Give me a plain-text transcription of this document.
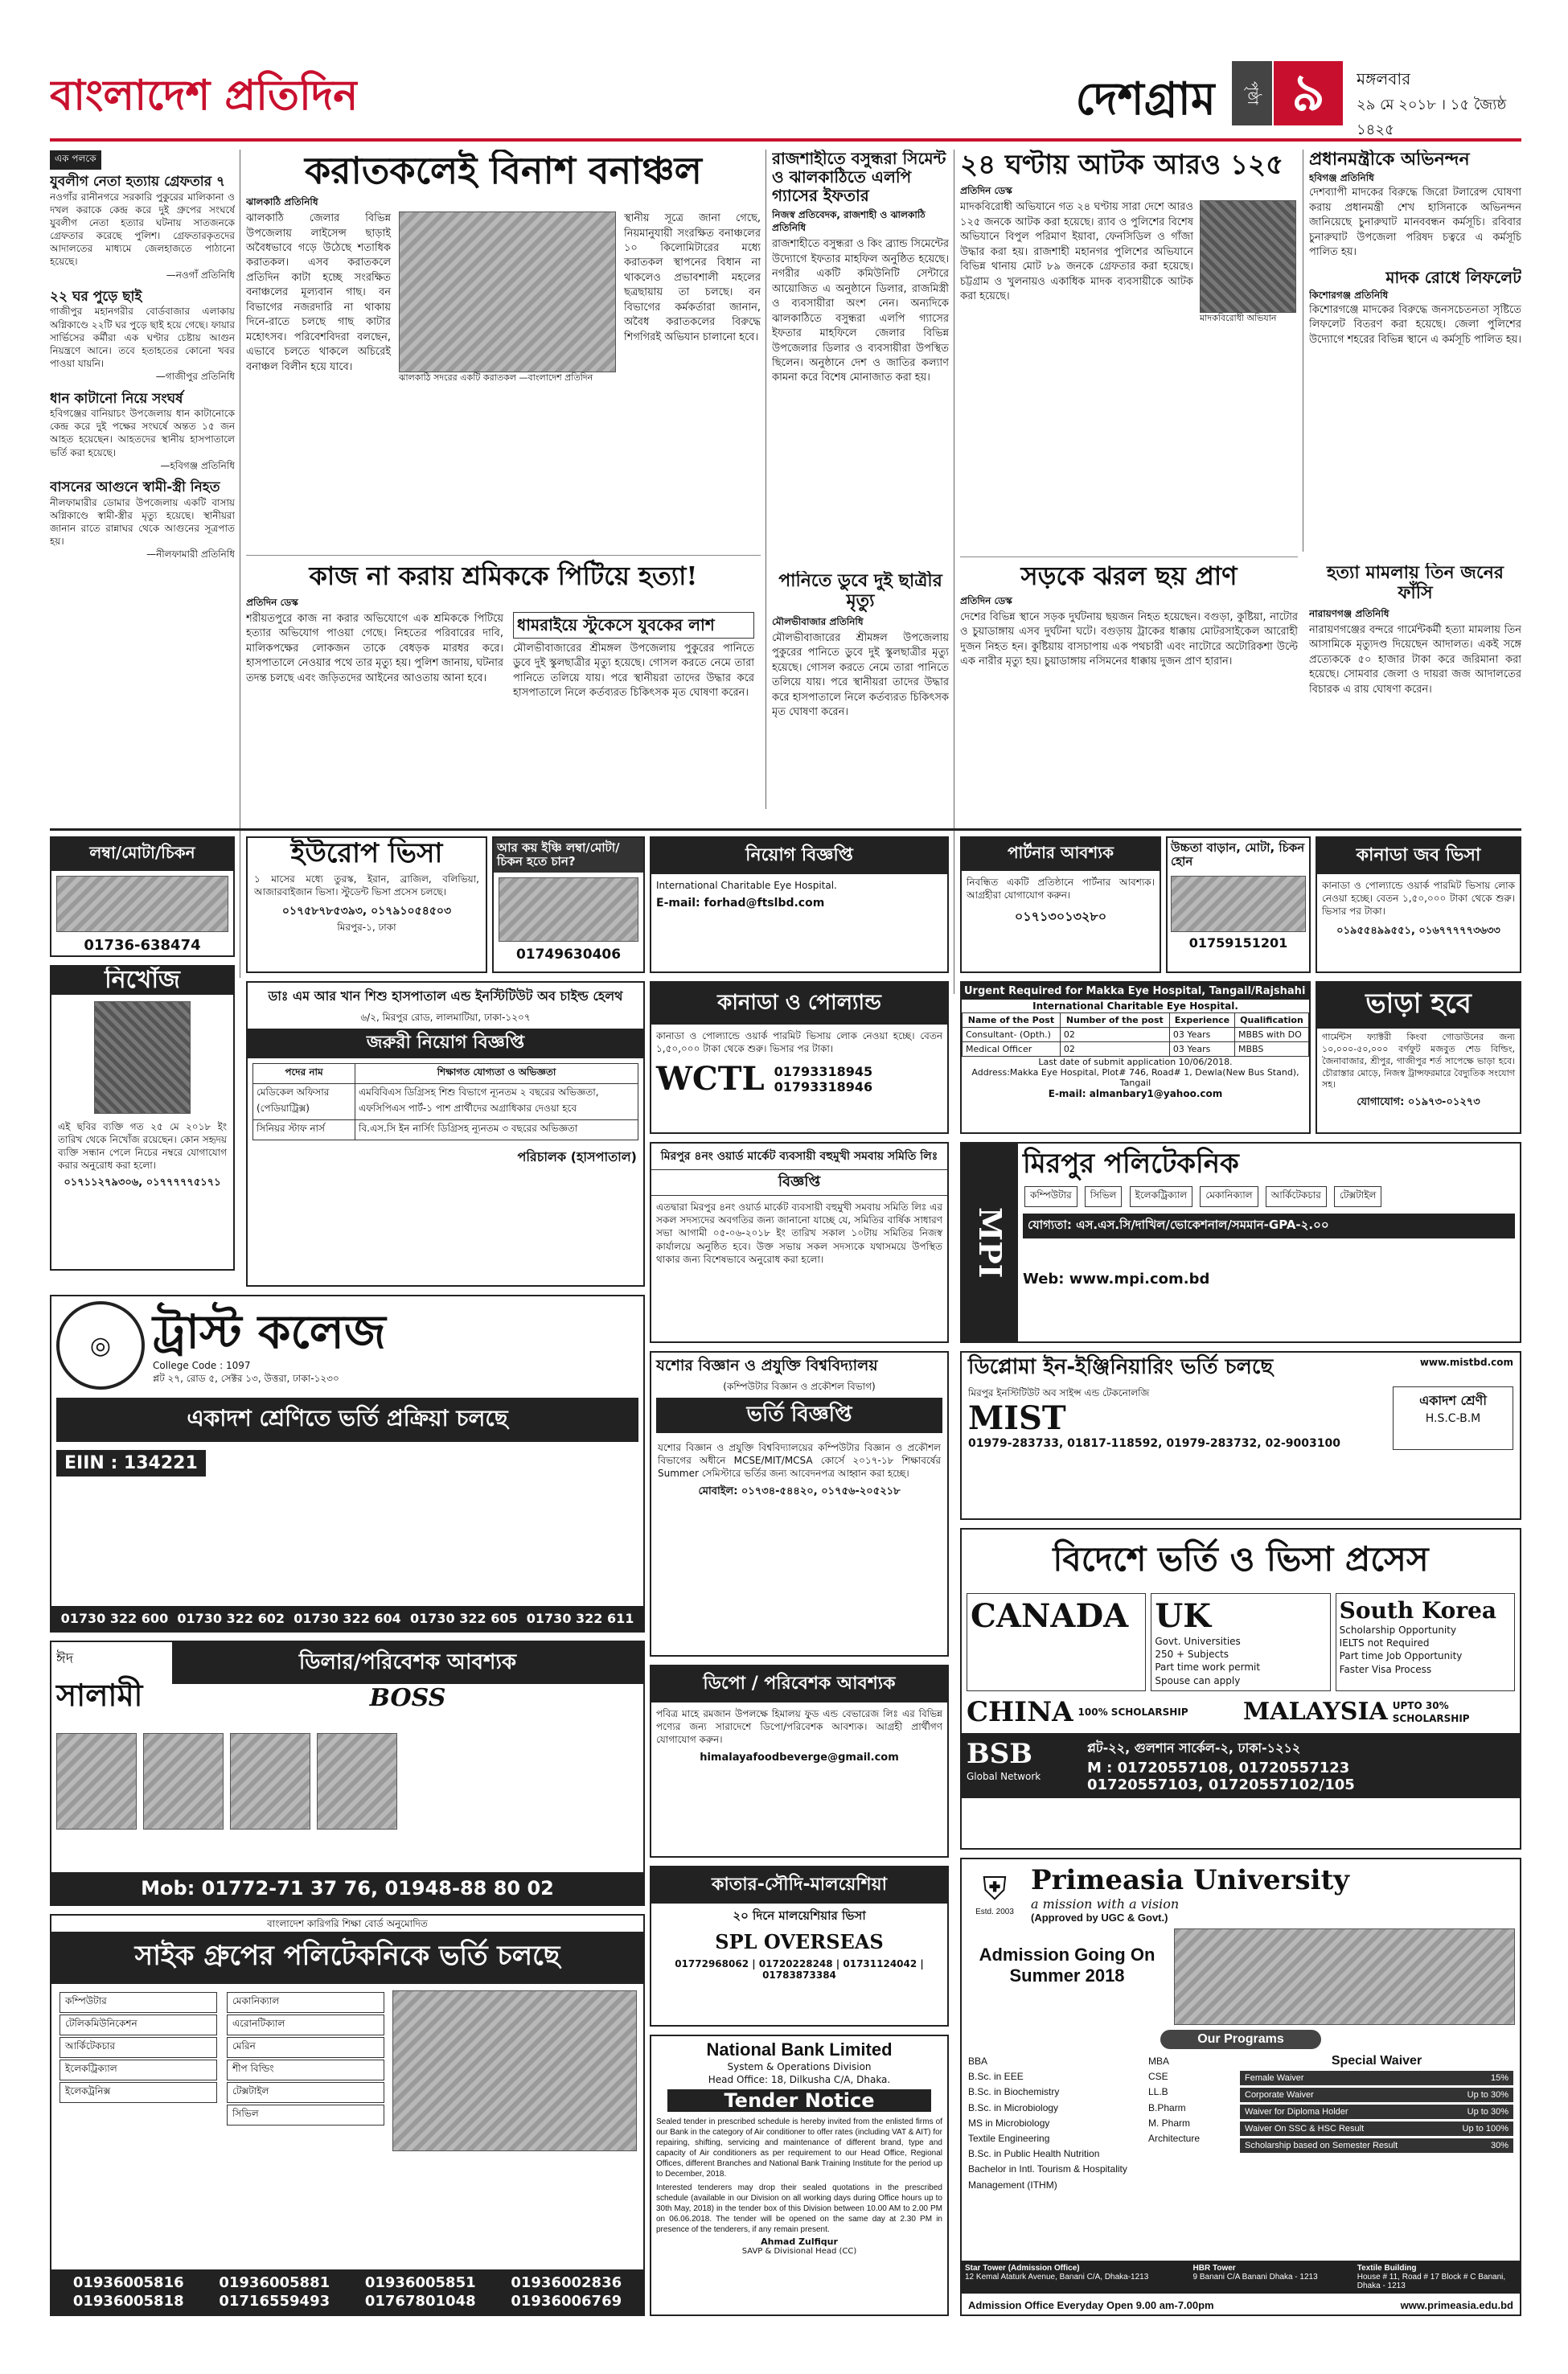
বাংলাদেশ প্রতিদিন	দেশগ্রাম	পৃষ্ঠা ৯	মঙ্গলবার
২৯ মে ২০১৮ । ১৫ জ্যৈষ্ঠ ১৪২৫
এক পলকে
যুবলীগ নেতা হত্যায় গ্রেফতার ৭

নওগাঁর রানীনগরে সরকারি পুকুরের মালিকানা ও দখল করাকে কেন্দ্র করে দুই গ্রুপের সংঘর্ষে যুবলীগ নেতা হত্যার ঘটনায় সাতজনকে গ্রেফতার করেছে পুলিশ। গ্রেফতারকৃতদের আদালতের মাধ্যমে জেলহাজতে পাঠানো হয়েছে।

—নওগাঁ প্রতিনিধি
২২ ঘর পুড়ে ছাই

গাজীপুর মহানগরীর বোর্ডবাজার এলাকায় অগ্নিকাণ্ডে ২২টি ঘর পুড়ে ছাই হয়ে গেছে। ফায়ার সার্ভিসের কর্মীরা এক ঘণ্টার চেষ্টায় আগুন নিয়ন্ত্রণে আনে। তবে হতাহতের কোনো খবর পাওয়া যায়নি।

—গাজীপুর প্রতিনিধি
ধান কাটানো নিয়ে সংঘর্ষ

হবিগঞ্জের বানিয়াচং উপজেলায় ধান কাটানোকে কেন্দ্র করে দুই পক্ষের সংঘর্ষে অন্তত ১৫ জন আহত হয়েছেন। আহতদের স্থানীয় হাসপাতালে ভর্তি করা হয়েছে।

—হবিগঞ্জ প্রতিনিধি
বাসনের আগুনে স্বামী-স্ত্রী নিহত

নীলফামারীর ডোমার উপজেলায় একটি বাসায় অগ্নিকাণ্ডে স্বামী-স্ত্রীর মৃত্যু হয়েছে। স্থানীয়রা জানান রাতে রান্নাঘর থেকে আগুনের সূত্রপাত হয়।

—নীলফামারী প্রতিনিধি
করাতকলেই বিনাশ বনাঞ্চল
ঝালকাঠি প্রতিনিধি

ঝালকাঠি জেলার বিভিন্ন উপজেলায় লাইসেন্স ছাড়াই অবৈধভাবে গড়ে উঠেছে শতাধিক করাতকল। এসব করাতকলে প্রতিদিন কাটা হচ্ছে সংরক্ষিত বনাঞ্চলের মূল্যবান গাছ। বন বিভাগের নজরদারি না থাকায় দিনে-রাতে চলছে গাছ কাটার মহোৎসব। পরিবেশবিদরা বলছেন, এভাবে চলতে থাকলে অচিরেই বনাঞ্চল বিলীন হয়ে যাবে।

ঝালকাঠি সদরের একটি করাতকল —বাংলাদেশ প্রতিদিন

স্থানীয় সূত্রে জানা গেছে, নিয়মানুযায়ী সংরক্ষিত বনাঞ্চলের ১০ কিলোমিটারের মধ্যে করাতকল স্থাপনের বিধান না থাকলেও প্রভাবশালী মহলের ছত্রছায়ায় তা চলছে। বন বিভাগের কর্মকর্তারা জানান, অবৈধ করাতকলের বিরুদ্ধে শিগগিরই অভিযান চালানো হবে।

কাজ না করায় শ্রমিককে পিটিয়ে হত্যা!
প্রতিদিন ডেস্ক

শরীয়তপুরে কাজ না করার অভিযোগে এক শ্রমিককে পিটিয়ে হত্যার অভিযোগ পাওয়া গেছে। নিহতের পরিবারের দাবি, মালিকপক্ষের লোকজন তাকে বেধড়ক মারধর করে। হাসপাতালে নেওয়ার পথে তার মৃত্যু হয়। পুলিশ জানায়, ঘটনার তদন্ত চলছে এবং জড়িতদের আইনের আওতায় আনা হবে।

ধামরাইয়ে স্টুকেসে যুবকের লাশ

মৌলভীবাজারের শ্রীমঙ্গল উপজেলায় পুকুরের পানিতে ডুবে দুই স্কুলছাত্রীর মৃত্যু হয়েছে। গোসল করতে নেমে তারা পানিতে তলিয়ে যায়। পরে স্থানীয়রা তাদের উদ্ধার করে হাসপাতালে নিলে কর্তব্যরত চিকিৎসক মৃত ঘোষণা করেন।

রাজশাহীতে বসুন্ধরা সিমেন্ট ও ঝালকাঠিতে এলপি গ্যাসের ইফতার
নিজস্ব প্রতিবেদক, রাজশাহী ও ঝালকাঠি প্রতিনিধি

রাজশাহীতে বসুন্ধরা ও কিং ব্র্যান্ড সিমেন্টের উদ্যোগে ইফতার মাহফিল অনুষ্ঠিত হয়েছে। নগরীর একটি কমিউনিটি সেন্টারে আয়োজিত এ অনুষ্ঠানে ডিলার, রাজমিস্ত্রী ও ব্যবসায়ীরা অংশ নেন। অন্যদিকে ঝালকাঠিতে বসুন্ধরা এলপি গ্যাসের ইফতার মাহফিলে জেলার বিভিন্ন উপজেলার ডিলার ও ব্যবসায়ীরা উপস্থিত ছিলেন। অনুষ্ঠানে দেশ ও জাতির কল্যাণ কামনা করে বিশেষ মোনাজাত করা হয়।

পানিতে ডুবে দুই ছাত্রীর মৃত্যু
মৌলভীবাজার প্রতিনিধি

মৌলভীবাজারের শ্রীমঙ্গল উপজেলায় পুকুরের পানিতে ডুবে দুই স্কুলছাত্রীর মৃত্যু হয়েছে। গোসল করতে নেমে তারা পানিতে তলিয়ে যায়। পরে স্থানীয়রা তাদের উদ্ধার করে হাসপাতালে নিলে কর্তব্যরত চিকিৎসক মৃত ঘোষণা করেন।

২৪ ঘণ্টায় আটক আরও ১২৫
প্রতিদিন ডেস্ক

মাদকবিরোধী অভিযানে গত ২৪ ঘণ্টায় সারা দেশে আরও ১২৫ জনকে আটক করা হয়েছে। র‌্যাব ও পুলিশের বিশেষ অভিযানে বিপুল পরিমাণ ইয়াবা, ফেনসিডিল ও গাঁজা উদ্ধার করা হয়। রাজশাহী মহানগর পুলিশের অভিযানে বিভিন্ন থানায় মোট ৮৯ জনকে গ্রেফতার করা হয়েছে। চট্টগ্রাম ও খুলনায়ও একাধিক মাদক ব্যবসায়ীকে আটক করা হয়েছে।

মাদকবিরোধী অভিযান
প্রধানমন্ত্রীকে অভিনন্দন
হবিগঞ্জ প্রতিনিধি

দেশব্যাপী মাদকের বিরুদ্ধে জিরো টলারেন্স ঘোষণা করায় প্রধানমন্ত্রী শেখ হাসিনাকে অভিনন্দন জানিয়েছে চুনারুঘাট মানববন্ধন কর্মসূচি। রবিবার চুনারুঘাট উপজেলা পরিষদ চত্বরে এ কর্মসূচি পালিত হয়।

মাদক রোধে লিফলেট
কিশোরগঞ্জ প্রতিনিধি

কিশোরগঞ্জে মাদকের বিরুদ্ধে জনসচেতনতা সৃষ্টিতে লিফলেট বিতরণ করা হয়েছে। জেলা পুলিশের উদ্যোগে শহরের বিভিন্ন স্থানে এ কর্মসূচি পালিত হয়।

সড়কে ঝরল ছয় প্রাণ
প্রতিদিন ডেস্ক

দেশের বিভিন্ন স্থানে সড়ক দুর্ঘটনায় ছয়জন নিহত হয়েছেন। বগুড়া, কুষ্টিয়া, নাটোর ও চুয়াডাঙ্গায় এসব দুর্ঘটনা ঘটে। বগুড়ায় ট্রাকের ধাক্কায় মোটরসাইকেল আরোহী দুজন নিহত হন। কুষ্টিয়ায় বাসচাপায় এক পথচারী এবং নাটোরে অটোরিকশা উল্টে এক নারীর মৃত্যু হয়। চুয়াডাঙ্গায় নসিমনের ধাক্কায় দুজন প্রাণ হারান।

হত্যা মামলায় তিন জনের ফাঁসি
নারায়ণগঞ্জ প্রতিনিধি

নারায়ণগঞ্জের বন্দরে গার্মেন্টকর্মী হত্যা মামলায় তিন আসামিকে মৃত্যুদণ্ড দিয়েছেন আদালত। একই সঙ্গে প্রত্যেককে ৫০ হাজার টাকা করে জরিমানা করা হয়েছে। সোমবার জেলা ও দায়রা জজ আদালতের বিচারক এ রায় ঘোষণা করেন।

লম্বা/মোটা/চিকন
01736-638474
ইউরোপ ভিসা

১ মাসের মধ্যে তুরস্ক, ইরান, ব্রাজিল, বলিভিয়া, আজারবাইজান ভিসা। স্টুডেন্ট ভিসা প্রসেস চলছে।

০১৭৫৮৭৮৫৩৯৩, ০১৭৯১০৫৪৫০৩
মিরপুর-১, ঢাকা
আর কয় ইঞ্চি লম্বা/মোটা/চিকন হতে চান?
01749630406
নিয়োগ বিজ্ঞপ্তি

International Charitable Eye Hospital.

E-mail: forhad@ftslbd.com
পার্টনার আবশ্যক

নিবন্ধিত একটি প্রতিষ্ঠানে পার্টনার আবশ্যক। আগ্রহীরা যোগাযোগ করুন।

০১৭১৩০১৩২৮০
উচ্চতা বাড়ান, মোটা, চিকন হোন
01759151201
কানাডা জব ভিসা

কানাডা ও পোল্যান্ডে ওয়ার্ক পারমিট ভিসায় লোক নেওয়া হচ্ছে। বেতন ১,৫০,০০০ টাকা থেকে শুরু। ভিসার পর টাকা।

০১৯৫৫৪৯৯৫৫১, ০১৬৭৭৭৭৭৩৬৩৩
নিখোঁজ

এই ছবির ব্যক্তি গত ২৫ মে ২০১৮ ইং তারিখ থেকে নিখোঁজ রয়েছেন। কোন সহৃদয় ব্যক্তি সন্ধান পেলে নিচের নম্বরে যোগাযোগ করার অনুরোধ করা হলো।

০১৭১১২৭৯৩০৬, ০১৭৭৭৭৭৫১৭১
ডাঃ এম আর খান শিশু হাসপাতাল এন্ড ইনস্টিটিউট অব চাইল্ড হেলথ
৬/২, মিরপুর রোড, লালমাটিয়া, ঢাকা-১২০৭
জরুরী নিয়োগ বিজ্ঞপ্তি
পদের নাম	শিক্ষাগত যোগ্যতা ও অভিজ্ঞতা
মেডিকেল অফিসার (পেডিয়াট্রিক্স)	এমবিবিএস ডিগ্রিসহ শিশু বিভাগে ন্যূনতম ২ বছরের অভিজ্ঞতা, এফসিপিএস পার্ট-১ পাশ প্রার্থীদের অগ্রাধিকার দেওয়া হবে
সিনিয়র স্টাফ নার্স	বি.এস.সি ইন নার্সিং ডিগ্রিসহ ন্যূনতম ৩ বছরের অভিজ্ঞতা
পরিচালক (হাসপাতাল)
কানাডা ও পোল্যান্ড

কানাডা ও পোল্যান্ডে ওয়ার্ক পারমিট ভিসায় লোক নেওয়া হচ্ছে। বেতন ১,৫০,০০০ টাকা থেকে শুরু। ভিসার পর টাকা।

WCTL 01793318945
01793318946
Urgent Required for Makka Eye Hospital, Tangail/Rajshahi
International Charitable Eye Hospital.
Name of the Post	Number of the post	Experience	Qualification
Consultant- (Opth.)	02	03 Years	MBBS with DO
Medical Officer	02	03 Years	MBBS
Last date of submit application 10/06/2018.
Address:Makka Eye Hospital, Plot# 746, Road# 1, Dewla(New Bus Stand), Tangail
E-mail: almanbary1@yahoo.com
ভাড়া হবে

গার্মেন্টস ফ্যাক্টরী কিংবা গোডাউনের জন্য ১০,০০০-৫০,০০০ বর্গফুট মজবুত শেড বিল্ডিং, জৈনাবাজার, শ্রীপুর, গাজীপুর শর্ত সাপেক্ষে ভাড়া হবে। চৌরাস্তার মোড়ে, নিজস্ব ট্রান্সফরমারে বৈদ্যুতিক সংযোগ সহ।

যোগাযোগ: ০১৯৭৩-০১২৭৩
মিরপুর ৪নং ওয়ার্ড মার্কেট ব্যবসায়ী বহুমুখী সমবায় সমিতি লিঃ
বিজ্ঞপ্তি

এতদ্বারা মিরপুর ৪নং ওয়ার্ড মার্কেট ব্যবসায়ী বহুমুখী সমবায় সমিতি লিঃ এর সকল সদস্যদের অবগতির জন্য জানানো যাচ্ছে যে, সমিতির বার্ষিক সাধারণ সভা আগামী ০৫-০৬-২০১৮ ইং তারিখ সকাল ১০টায় সমিতির নিজস্ব কার্যালয়ে অনুষ্ঠিত হবে। উক্ত সভায় সকল সদস্যকে যথাসময়ে উপস্থিত থাকার জন্য বিশেষভাবে অনুরোধ করা হলো।	MPI
মিরপুর পলিটেকনিক
কম্পিউটার সিভিল ইলেকট্রিক্যাল মেকানিক্যাল আর্কিটেকচার টেক্সটাইল
যোগ্যতা: এস.এস.সি/দাখিল/ভোকেশনাল/সমমান-GPA-২.০০
Web: www.mpi.com.bd
◎ ট্রাস্ট কলেজ
College Code : 1097
প্লট ২৭, রোড ৫, সেক্টর ১৩, উত্তরা, ঢাকা-১২৩০
একাদশ শ্রেণিতে ভর্তি প্রক্রিয়া চলছে
EIIN : 134221
01730 322 600 01730 322 602 01730 322 604 01730 322 605 01730 322 611
যশোর বিজ্ঞান ও প্রযুক্তি বিশ্ববিদ্যালয়
(কম্পিউটার বিজ্ঞান ও প্রকৌশল বিভাগ)
ভর্তি বিজ্ঞপ্তি

যশোর বিজ্ঞান ও প্রযুক্তি বিশ্ববিদ্যালয়ের কম্পিউটার বিজ্ঞান ও প্রকৌশল বিভাগের অধীনে MCSE/MIT/MCSA কোর্সে ২০১৭-১৮ শিক্ষাবর্ষের Summer সেমিস্টারে ভর্তির জন্য আবেদনপত্র আহ্বান করা হচ্ছে।

মোবাইল: ০১৭৩৪-৫৪৪২০, ০১৭৫৬-২০৫২১৮
ডিপ্লোমা ইন-ইঞ্জিনিয়ারিং ভর্তি চলছে	www.mistbd.com
মিরপুর ইনস্টিটিউট অব সাইন্স এন্ড টেকনোলজি
MIST
01979-283733, 01817-118592, 01979-283732, 02-9003100
একাদশ শ্রেণী
H.S.C-B.M
বিদেশে ভর্তি ও ভিসা প্রসেস
CANADA UK
Govt. Universities
250 + Subjects
Part time work permit
Spouse can apply
South Korea
Scholarship Opportunity
IELTS not Required
Part time Job Opportunity
Faster Visa Process
CHINA 100% SCHOLARSHIP MALAYSIA UPTO 30% SCHOLARSHIP
BSB
Global Network
প্লট-২২, গুলশান সার্কেল-২, ঢাকা-১২১২
M : 01720557108, 01720557123
01720557103, 01720557102/105
ঈদ
সালামী
ডিলার/পরিবেশক আবশ্যক
BOSS
Mob: 01772-71 37 76, 01948-88 80 02
ডিপো / পরিবেশক আবশ্যক

পবিত্র মাহে রমজান উপলক্ষে হিমালয় ফুড এন্ড বেভারেজ লিঃ এর বিভিন্ন পণ্যের জন্য সারাদেশে ডিপো/পরিবেশক আবশ্যক। আগ্রহী প্রার্থীগণ যোগাযোগ করুন।

himalayafoodbeverge@gmail.com
কাতার-সৌদি-মালয়েশিয়া
২০ দিনে মালয়েশিয়ার ভিসা
SPL OVERSEAS
01772968062 | 01720228248 | 01731124042 | 01783873384
বাংলাদেশ কারিগরি শিক্ষা বোর্ড অনুমোদিত
সাইক গ্রুপের পলিটেকনিকে ভর্তি চলছে
কম্পিউটার
টেলিকমিউনিকেশন
আর্কিটেকচার
ইলেকট্রিক্যাল
ইলেকট্রনিক্স
মেকানিক্যাল
এরোনটিক্যাল
মেরিন
শীপ বিল্ডিং
টেক্সটাইল
সিভিল
01936005816	01936005881	01936005851	01936002836
01936005818	01716559493	01767801048	01936006769
National Bank Limited
System & Operations Division
Head Office: 18, Dilkusha C/A, Dhaka.
Tender Notice

Sealed tender in prescribed schedule is hereby invited from the enlisted firms of our Bank in the category of Air conditioner to offer rates (including VAT & AIT) for repairing, shifting, servicing and maintenance of different brand, type and capacity of Air conditioners as per requirement to our Head Office, Regional Offices, different Branches and National Bank Training Institute for the period up to December, 2018.

Interested tenderers may drop their sealed quotations in the prescribed schedule (available in our Division on all working days during Office hours up to 30th May, 2018) in the tender box of this Division between 10.00 AM to 2.00 PM on 06.06.2018. The tender will be opened on the same day at 2.30 PM in presence of the tenderers, if any remain present.

Ahmad Zulfiqur
SAVP & Divisional Head (CC)
⛨
Estd. 2003
Primeasia University
a mission with a vision
(Approved by UGC & Govt.)
Admission Going On Summer 2018
Our Programs
BBA
B.Sc. in EEE
B.Sc. in Biochemistry
B.Sc. in Microbiology
MS in Microbiology
Textile Engineering
B.Sc. in Public Health Nutrition
Bachelor in Intl. Tourism & Hospitality Management (ITHM)
MBA
CSE
LL.B
B.Pharm
M. Pharm
Architecture
Special Waiver
Female Waiver	15%
Corporate Waiver	Up to 30%
Waiver for Diploma Holder	Up to 30%
Waiver On SSC & HSC Result	Up to 100%
Scholarship based on Semester Result	30%
Star Tower (Admission Office)
12 Kemal Ataturk Avenue, Banani C/A, Dhaka-1213
HBR Tower
9 Banani C/A Banani Dhaka - 1213
Textile Building
House # 11, Road # 17 Block # C Banani, Dhaka - 1213
Admission Office Everyday Open 9.00 am-7.00pm	www.primeasia.edu.bd
